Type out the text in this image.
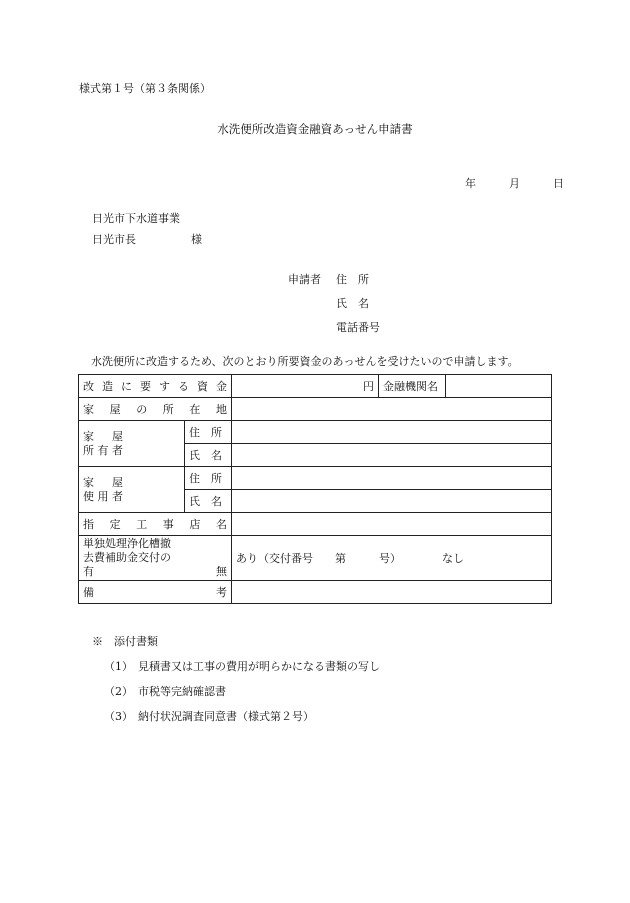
様式第１号（第３条関係）
水洗便所改造資金融資あっせん申請書
年	月	日
日光市下水道事業
日光市長	様
申請者	住　所
氏　名
電話番号
水洗便所に改造するため、次のとおり所要資金のあっせんを受けたいので申請します。
改造に要する資金		円	金融機関名	
家屋の所在地				

家　屋
所有者	住　所			
	氏　名			

家　屋
使用者	住　所			
	氏　名			
指定工事店名				

単独処理浄化槽撤
去費補助金交付の
有　　　　無		あり（交付番号　　第　　　号） なし		
備　考				
※　添付書類
（1） 見積書又は工事の費用が明らかになる書類の写し
（2） 市税等完納確認書
（3） 納付状況調査同意書（様式第２号）
